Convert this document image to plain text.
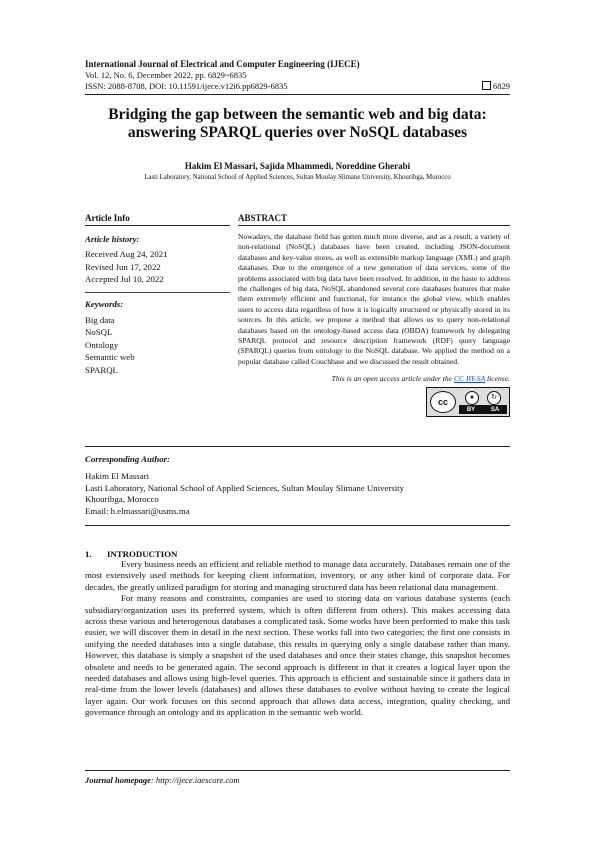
International Journal of Electrical and Computer Engineering (IJECE)
Vol. 12, No. 6, December 2022, pp. 6829~6835
ISSN: 2088-8708, DOI: 10.11591/ijece.v12i6.pp6829-6835	6829
Bridging the gap between the semantic web and big data:
answering SPARQL queries over NoSQL databases
Hakim El Massari, Sajida Mhammedi, Noreddine Gherabi
Lasti Laboratory, National School of Applied Sciences, Sultan Moulay Slimane University, Khouribga, Morocco
Article Info
Article history:
Received Aug 24, 2021
Revised Jun 17, 2022
Accepted Jul 10, 2022
Keywords:
Big data
NoSQL
Ontology
Semantic web
SPARQL
ABSTRACT
Nowadays, the database field has gotten much more diverse, and as a result, a variety of non-relational (NoSQL) databases have been created, including JSON-document databases and key-value stores, as well as extensible markup language (XML) and graph databases. Due to the emergence of a new generation of data services, some of the problems associated with big data have been resolved. In addition, in the haste to address the challenges of big data, NoSQL abandoned several core databases features that make them extremely efficient and functional, for instance the global view, which enables users to access data regardless of how it is logically structured or physically stored in its sources. In this article, we propose a method that allows us to query non-relational databases based on the ontology-based access data (OBDA) framework by delegating SPARQL protocol and resource description framework (RDF) query language (SPARQL) queries from ontology to the NoSQL database. We applied the method on a popular database called Couchbase and we discussed the result obtained.
This is an open access article under the CC BY-SA license.
cc	●	↻
BY	SA
Corresponding Author:
Hakim El Massari
Lasti Laboratory, National School of Applied Sciences, Sultan Moulay Slimane University
Khouribga, Morocco
Email: h.elmassari@usms.ma
1. INTRODUCTION

Every business needs an efficient and reliable method to manage data accurately. Databases remain one of the most extensively used methods for keeping client information, inventory, or any other kind of corporate data. For decades, the greatly utilized paradigm for storing and managing structured data has been relational data management.

For many reasons and constraints, companies are used to storing data on various database systems (each subsidiary/organization uses its preferred system, which is often different from others). This makes accessing data across these various and heterogenous databases a complicated task. Some works have been performed to make this task easier, we will discover them in detail in the next section. These works fall into two categories; the first one consists in unifying the needed databases into a single database, this results in querying only a single database rather than many. However, this database is simply a snapshot of the used databases and once their states change, this snapshot becomes obsolete and needs to be generated again. The second approach is different in that it creates a logical layer upon the needed databases and allows using high-level queries. This approach is efficient and sustainable since it gathers data in real-time from the lower levels (databases) and allows these databases to evolve without having to create the logical layer again. Our work focuses on this second approach that allows data access, integration, quality checking, and governance through an ontology and its application in the semantic web world.

Journal homepage: http://ijece.iaescore.com
